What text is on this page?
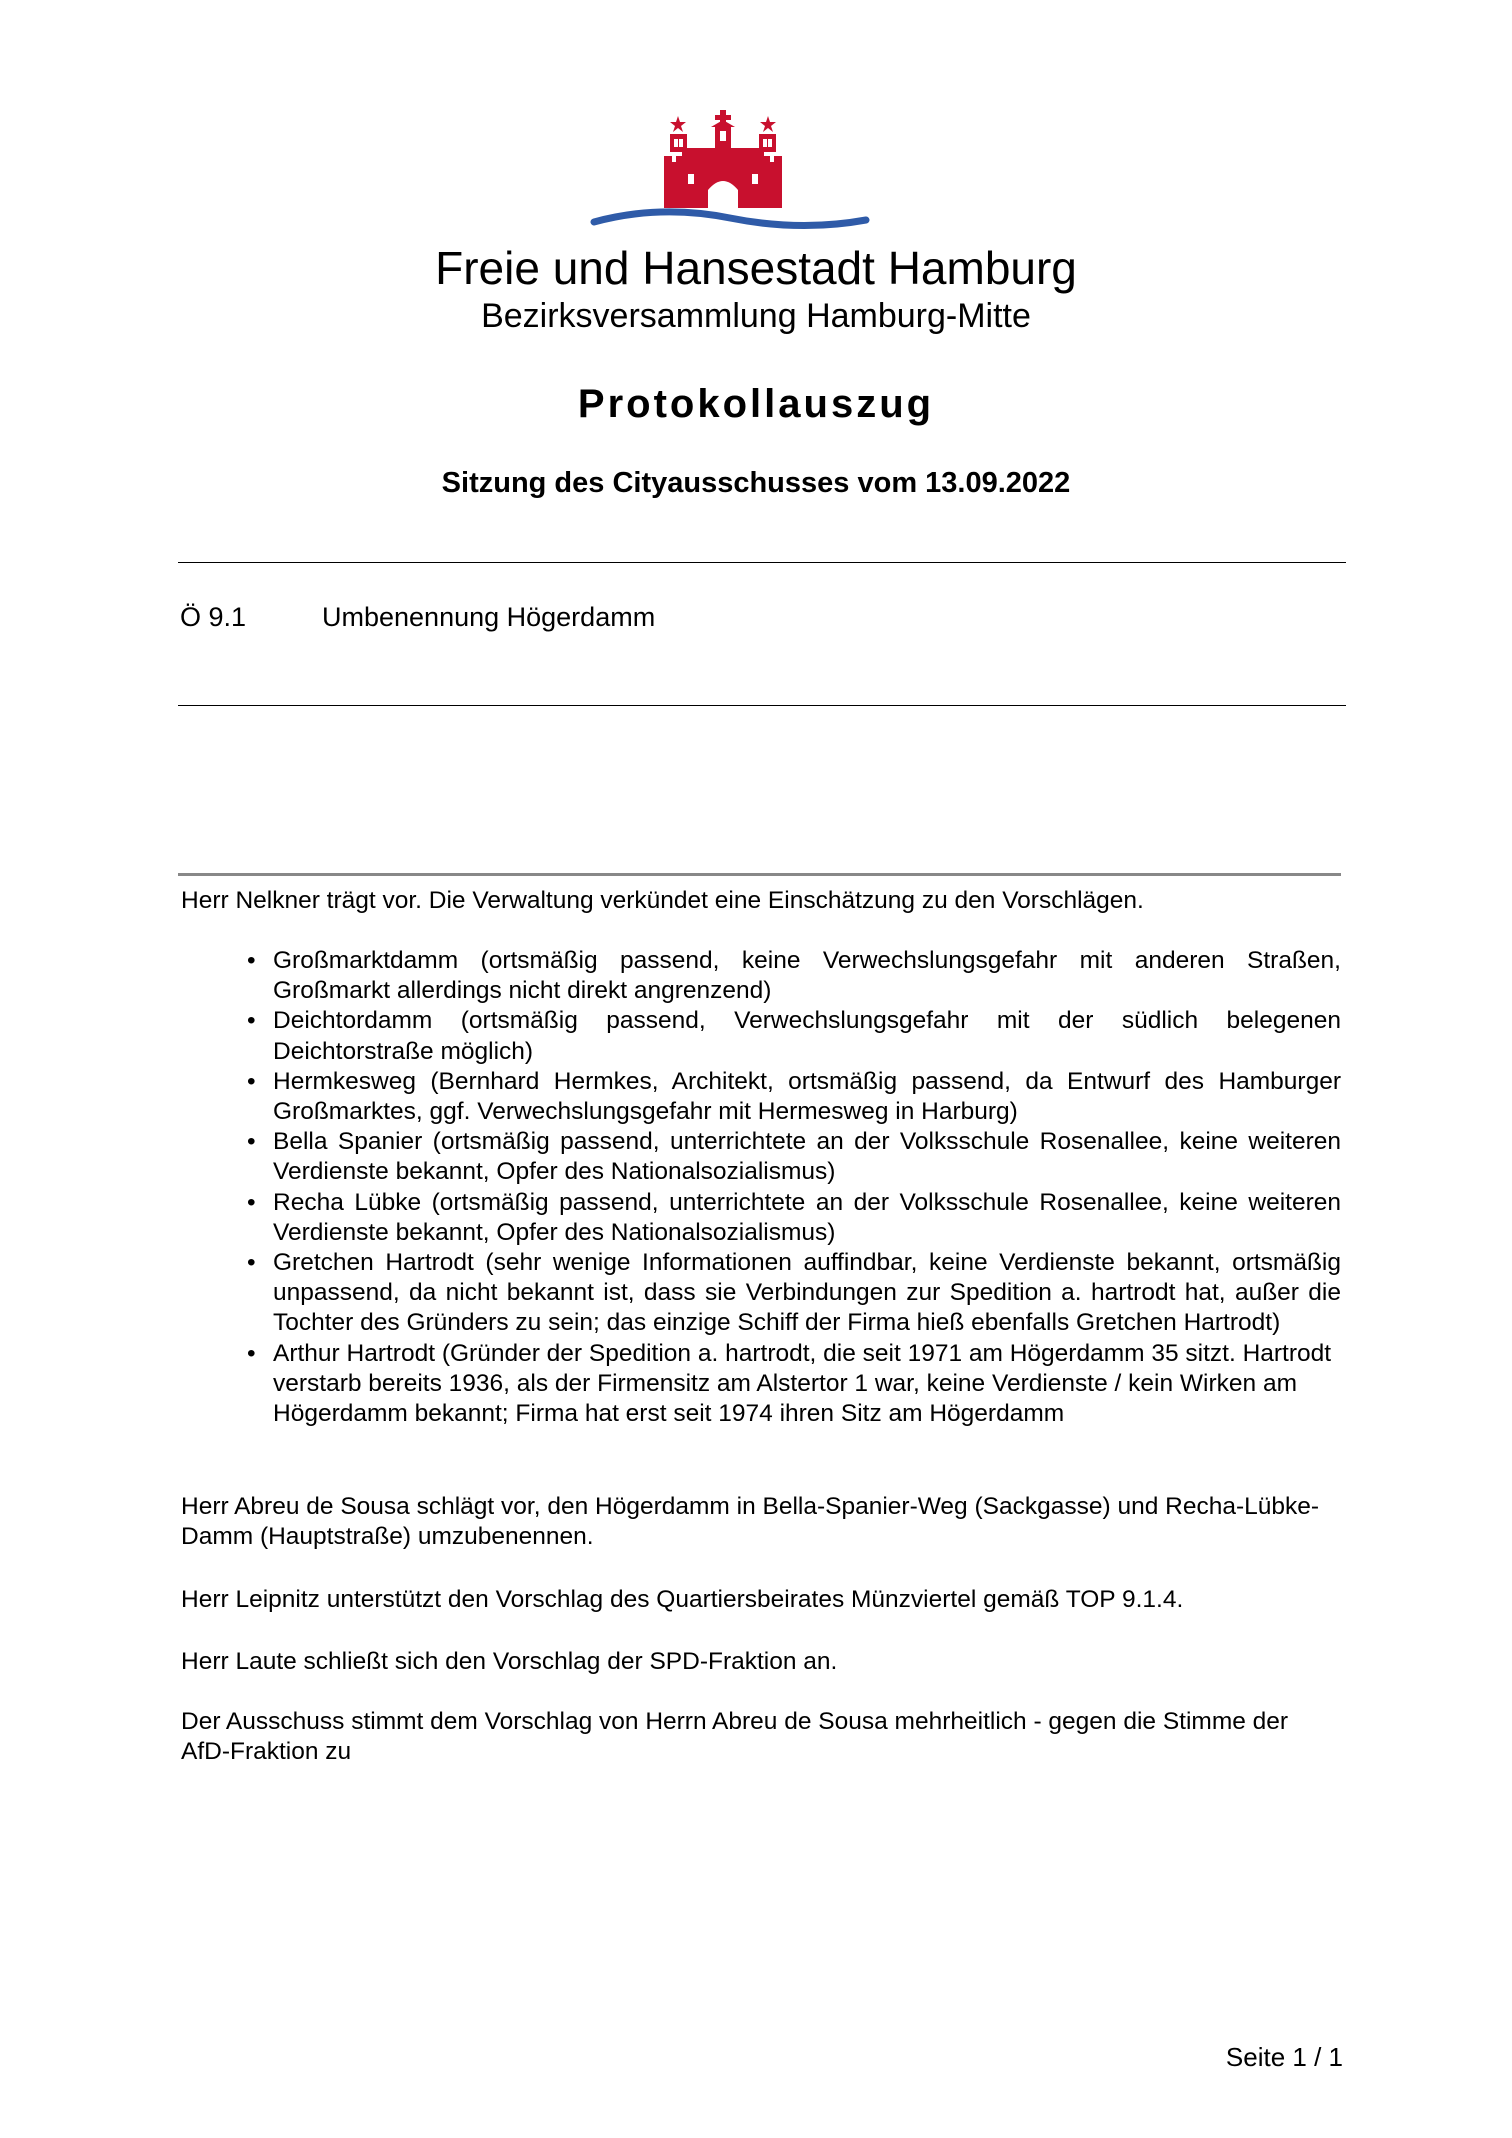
Freie und Hansestadt Hamburg
Bezirksversammlung Hamburg-Mitte
Protokollauszug
Sitzung des Cityausschusses vom 13.09.2022
Ö 9.1	Umbenennung Högerdamm

Herr Nelkner trägt vor. Die Verwaltung verkündet eine Einschätzung zu den Vorschlägen.

• Großmarktdamm (ortsmäßig passend, keine Verwechslungsgefahr mit anderen Straßen, Großmarkt allerdings nicht direkt angrenzend)
• Deichtordamm (ortsmäßig passend, Verwechslungsgefahr mit der südlich belegenen Deichtorstraße möglich)
• Hermkesweg (Bernhard Hermkes, Architekt, ortsmäßig passend, da Entwurf des Hamburger Großmarktes, ggf. Verwechslungsgefahr mit Hermesweg in Harburg)
• Bella Spanier (ortsmäßig passend, unterrichtete an der Volksschule Rosenallee, keine weiteren Verdienste bekannt, Opfer des Nationalsozialismus)
• Recha Lübke (ortsmäßig passend, unterrichtete an der Volksschule Rosenallee, keine weiteren Verdienste bekannt, Opfer des Nationalsozialismus)
• Gretchen Hartrodt (sehr wenige Informationen auffindbar, keine Verdienste bekannt, ortsmäßig unpassend, da nicht bekannt ist, dass sie Verbindungen zur Spedition a. hartrodt hat, außer die Tochter des Gründers zu sein; das einzige Schiff der Firma hieß ebenfalls Gretchen Hartrodt)
• Arthur Hartrodt (Gründer der Spedition a. hartrodt, die seit 1971 am Högerdamm 35 sitzt. Hartrodt verstarb bereits 1936, als der Firmensitz am Alstertor 1 war, keine Verdienste / kein Wirken am Högerdamm bekannt; Firma hat erst seit 1974 ihren Sitz am Högerdamm

Herr Abreu de Sousa schlägt vor, den Högerdamm in Bella-Spanier-Weg (Sackgasse) und Recha-Lübke-Damm (Hauptstraße) umzubenennen.

Herr Leipnitz unterstützt den Vorschlag des Quartiersbeirates Münzviertel gemäß TOP 9.1.4.

Herr Laute schließt sich den Vorschlag der SPD-Fraktion an.

Der Ausschuss stimmt dem Vorschlag von Herrn Abreu de Sousa mehrheitlich - gegen die Stimme der AfD-Fraktion zu

Seite 1 / 1
